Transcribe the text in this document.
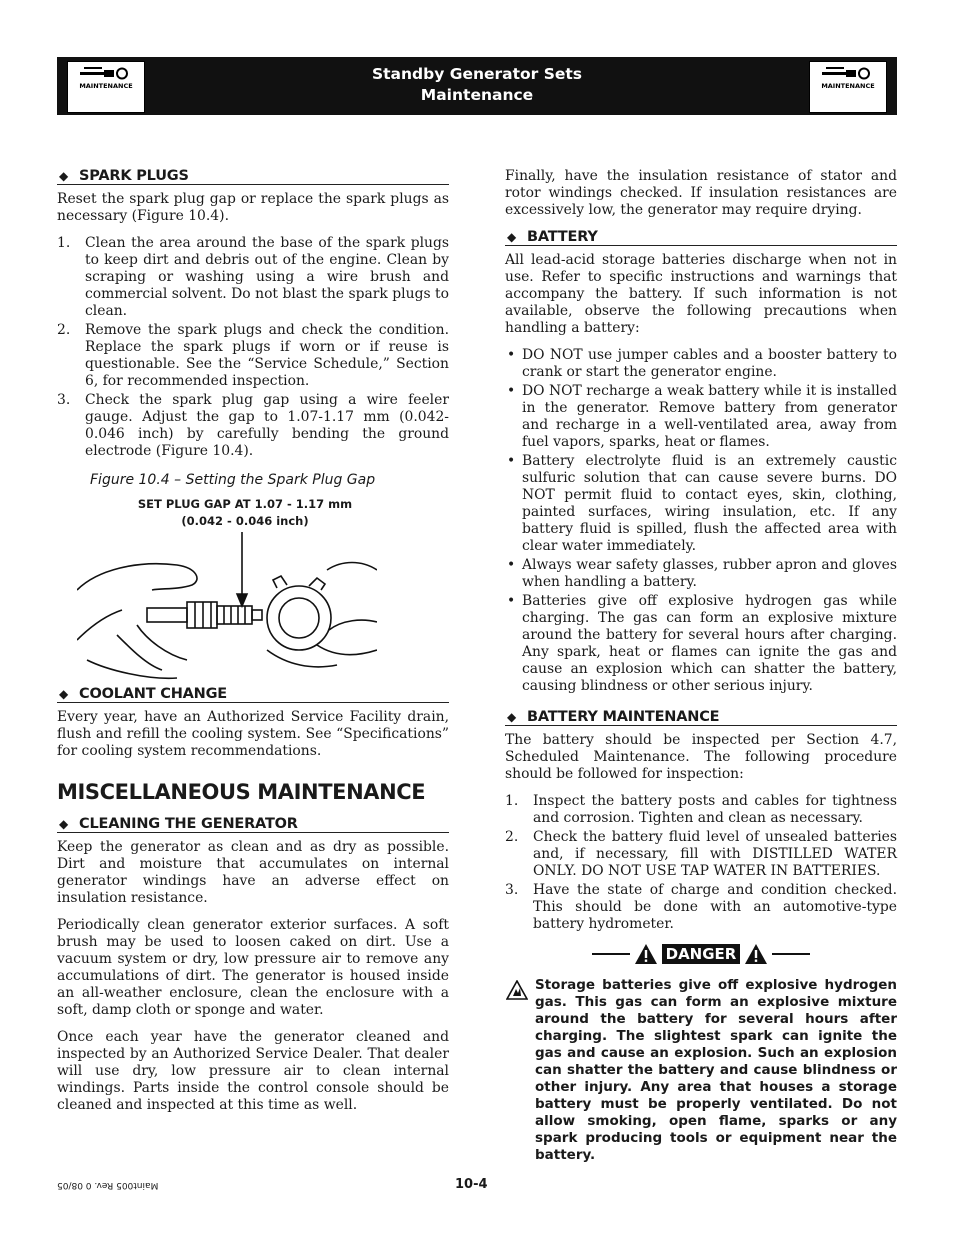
MAINTENANCE
Standby Generator Sets
Maintenance	MAINTENANCE
◆ SPARK PLUGS

Reset the spark plug gap or replace the spark plugs as necessary (Figure 10.4).

1. Clean the area around the base of the spark plugs to keep dirt and debris out of the engine. Clean by scraping or washing using a wire brush and commercial solvent. Do not blast the spark plugs to clean.
2. Remove the spark plugs and check the condition. Replace the spark plugs if worn or if reuse is questionable. See the “Service Schedule,” Section 6, for recommended inspection.
3. Check the spark plug gap using a wire feeler gauge. Adjust the gap to 1.07-1.17 mm (0.042-0.046 inch) by carefully bending the ground electrode (Figure 10.4).
Figure 10.4 – Setting the Spark Plug Gap
SET PLUG GAP AT 1.07 - 1.17 mm
(0.042 - 0.046 inch)
◆ COOLANT CHANGE

Every year, have an Authorized Service Facility drain, flush and refill the cooling system. See “Specifications” for cooling system recommendations.

MISCELLANEOUS MAINTENANCE
◆ CLEANING THE GENERATOR

Keep the generator as clean and as dry as possible. Dirt and moisture that accumulates on internal generator windings have an adverse effect on insulation resistance.

Periodically clean generator exterior surfaces. A soft brush may be used to loosen caked on dirt. Use a vacuum system or dry, low pressure air to remove any accumulations of dirt. The generator is housed inside an all-weather enclosure, clean the enclosure with a soft, damp cloth or sponge and water.

Once each year have the generator cleaned and inspected by an Authorized Service Dealer. That dealer will use dry, low pressure air to clean internal windings. Parts inside the control console should be cleaned and inspected at this time as well.

Finally, have the insulation resistance of stator and rotor windings checked. If insulation resistances are excessively low, the generator may require drying.

◆ BATTERY

All lead-acid storage batteries discharge when not in use. Refer to specific instructions and warnings that accompany the battery. If such information is not available, observe the following precautions when handling a battery:

• DO NOT use jumper cables and a booster battery to crank or start the generator engine.
• DO NOT recharge a weak battery while it is installed in the generator. Remove battery from generator and recharge in a well-ventilated area, away from fuel vapors, sparks, heat or flames.
• Battery electrolyte fluid is an extremely caustic sulfuric solution that can cause severe burns. DO NOT permit fluid to contact eyes, skin, clothing, painted surfaces, wiring insulation, etc. If any battery fluid is spilled, flush the affected area with clear water immediately.
• Always wear safety glasses, rubber apron and gloves when handling a battery.
• Batteries give off explosive hydrogen gas while charging. The gas can form an explosive mixture around the battery for several hours after charging. Any spark, heat or flames can ignite the gas and cause an explosion which can shatter the battery, causing blindness or other serious injury.
◆ BATTERY MAINTENANCE

The battery should be inspected per Section 4.7, Scheduled Maintenance. The following procedure should be followed for inspection:

1. Inspect the battery posts and cables for tightness and corrosion. Tighten and clean as necessary.
2. Check the battery fluid level of unsealed batteries and, if necessary, fill with DISTILLED WATER ONLY. DO NOT USE TAP WATER IN BATTERIES.
3. Have the state of charge and condition checked. This should be done with an automotive-type battery hydrometer.
DANGER

Storage batteries give off explosive hydrogen gas. This gas can form an explosive mixture around the battery for several hours after charging. The slightest spark can ignite the gas and cause an explosion. Such an explosion can shatter the battery and cause blindness or other injury. Any area that houses a storage battery must be properly ventilated. Do not allow smoking, open flame, sparks or any spark producing tools or equipment near the battery.

Maint005 Rev. 0 08/05	10-4
